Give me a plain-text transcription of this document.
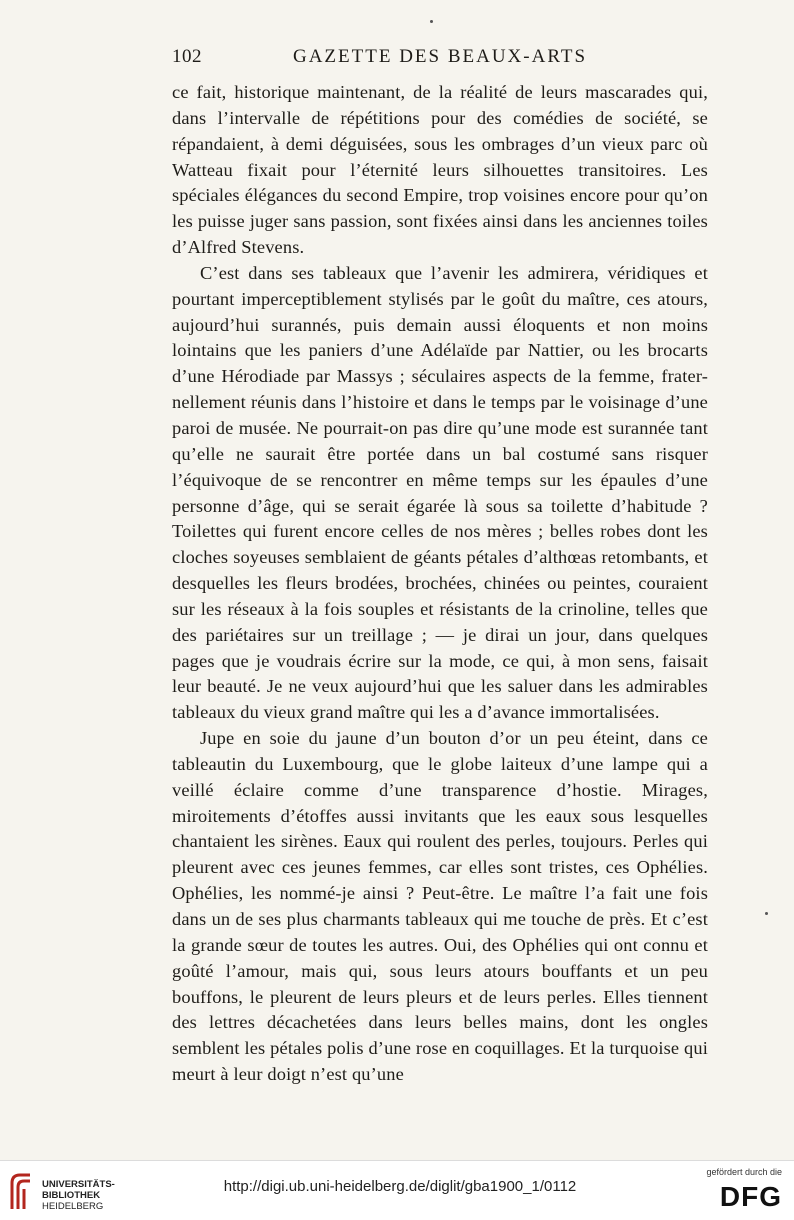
102	GAZETTE DES BEAUX-ARTS

ce fait, historique maintenant, de la réalité de leurs mascarades qui, dans l’intervalle de répétitions pour des comédies de société, se répandaient, à demi déguisées, sous les ombrages d’un vieux parc où Watteau fixait pour l’éternité leurs silhouettes transitoires. Les spéciales élégances du second Empire, trop voisines encore pour qu’on les puisse juger sans passion, sont fixées ainsi dans les anciennes toiles d’Alfred Stevens.

C’est dans ses tableaux que l’avenir les admirera, véridiques et pourtant imperceptiblement stylisés par le goût du maître, ces atours, aujourd’hui surannés, puis demain aussi éloquents et non moins lointains que les paniers d’une Adélaïde par Nattier, ou les brocarts d’une Hérodiade par Massys ; séculaires aspects de la femme, frater-nellement réunis dans l’histoire et dans le temps par le voisinage d’une paroi de musée. Ne pourrait-on pas dire qu’une mode est surannée tant qu’elle ne saurait être portée dans un bal costumé sans risquer l’équivoque de se rencontrer en même temps sur les épaules d’une personne d’âge, qui se serait égarée là sous sa toilette d’habitude ? Toilettes qui furent encore celles de nos mères ; belles robes dont les cloches soyeuses semblaient de géants pétales d’althœas retombants, et desquelles les fleurs brodées, brochées, chinées ou peintes, couraient sur les réseaux à la fois souples et résistants de la crinoline, telles que des pariétaires sur un treillage ; — je dirai un jour, dans quelques pages que je voudrais écrire sur la mode, ce qui, à mon sens, faisait leur beauté. Je ne veux aujourd’hui que les saluer dans les admirables tableaux du vieux grand maître qui les a d’avance immortalisées.

Jupe en soie du jaune d’un bouton d’or un peu éteint, dans ce tableautin du Luxembourg, que le globe laiteux d’une lampe qui a veillé éclaire comme d’une transparence d’hostie. Mirages, miroitements d’étoffes aussi invitants que les eaux sous lesquelles chantaient les sirènes. Eaux qui roulent des perles, toujours. Perles qui pleurent avec ces jeunes femmes, car elles sont tristes, ces Ophélies. Ophélies, les nommé-je ainsi ? Peut-être. Le maître l’a fait une fois dans un de ses plus charmants tableaux qui me touche de près. Et c’est la grande sœur de toutes les autres. Oui, des Ophélies qui ont connu et goûté l’amour, mais qui, sous leurs atours bouffants et un peu bouffons, le pleurent de leurs pleurs et de leurs perles. Elles tiennent des lettres décachetées dans leurs belles mains, dont les ongles semblent les pétales polis d’une rose en coquillages. Et la turquoise qui meurt à leur doigt n’est qu’une

UNIVERSITÄTS-
BIBLIOTHEK
HEIDELBERG
http://digi.ub.uni-heidelberg.de/diglit/gba1900_1/0112
gefördert durch die
DFG
